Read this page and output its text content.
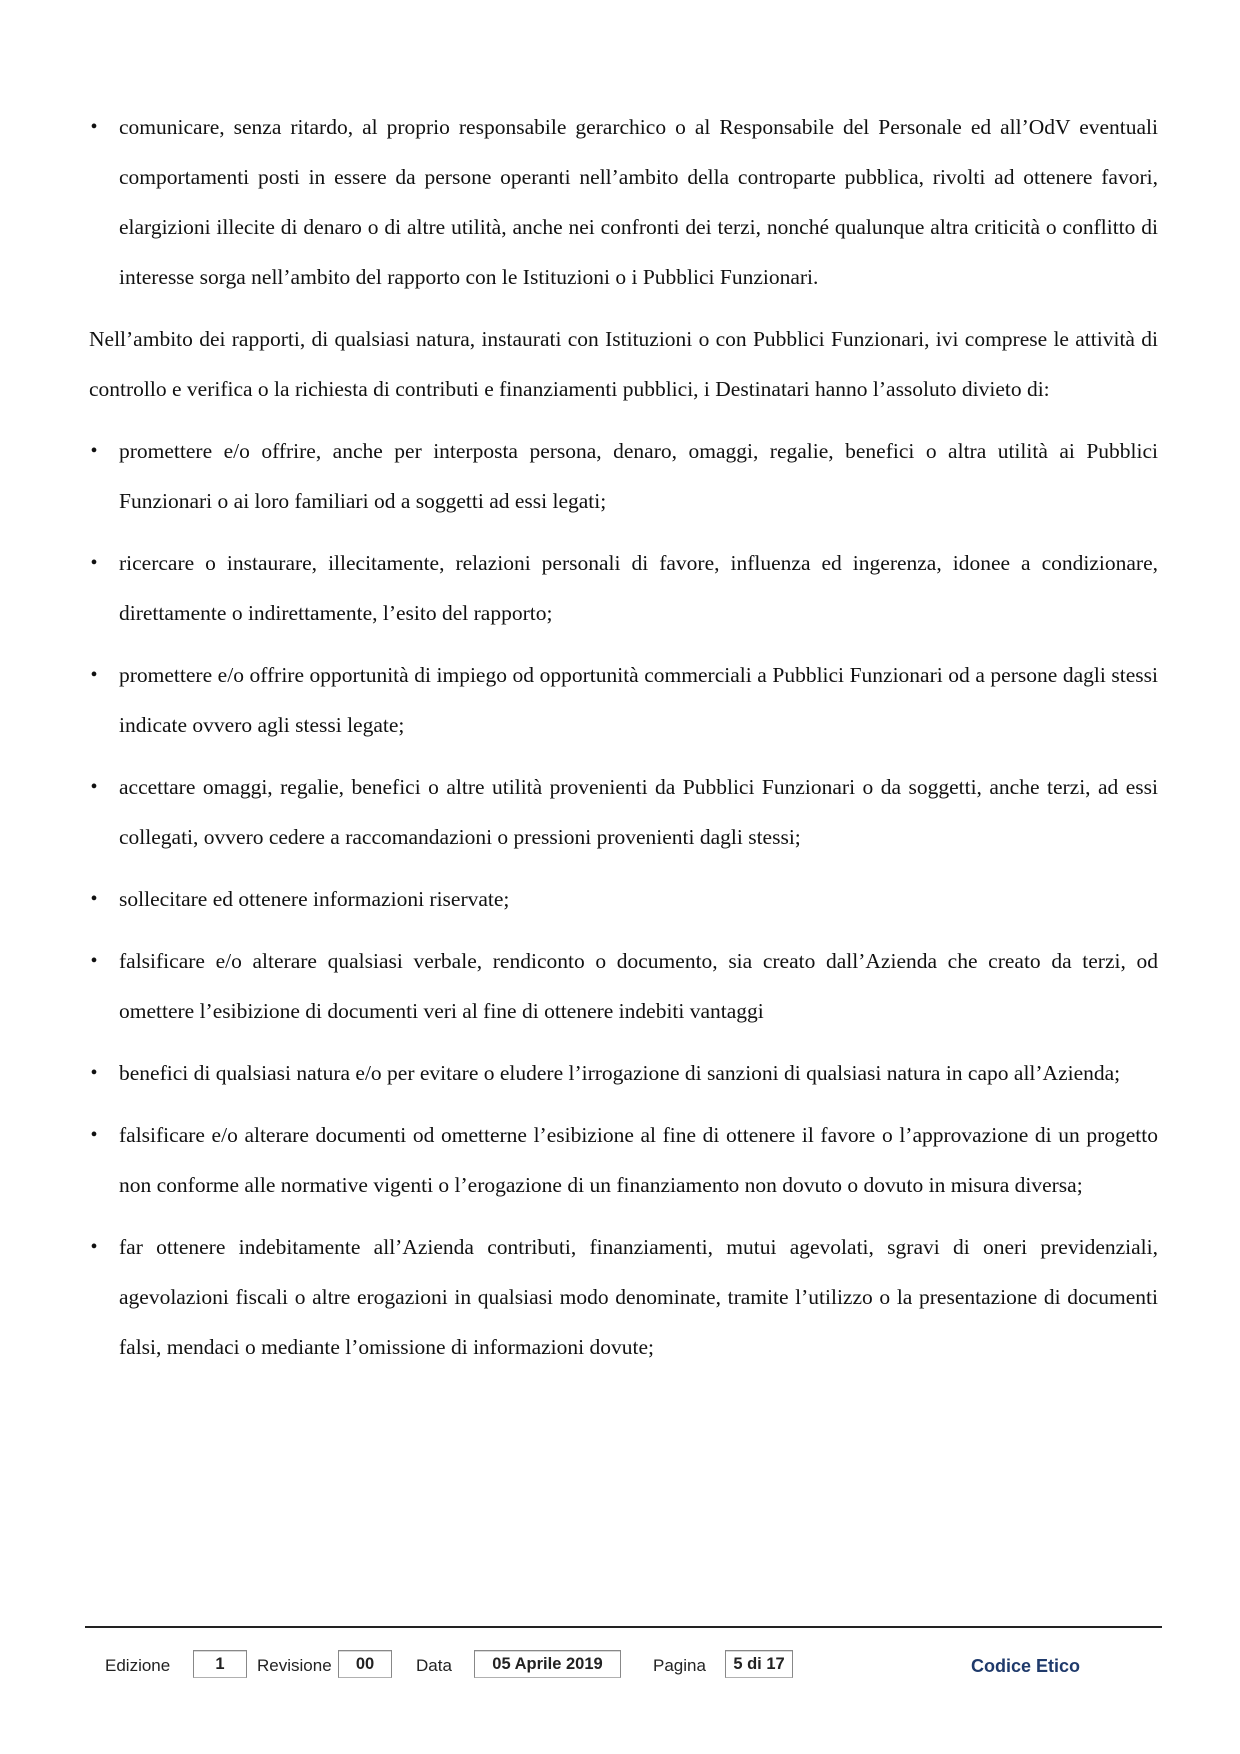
• comunicare, senza ritardo, al proprio responsabile gerarchico o al Responsabile del Personale ed all’OdV eventuali comportamenti posti in essere da persone operanti nell’ambito della controparte pubblica, rivolti ad ottenere favori, elargizioni illecite di denaro o di altre utilità, anche nei confronti dei terzi, nonché qualunque altra criticità o conflitto di interesse sorga nell’ambito del rapporto con le Istituzioni o i Pubblici Funzionari.

Nell’ambito dei rapporti, di qualsiasi natura, instaurati con Istituzioni o con Pubblici Funzionari, ivi comprese le attività di controllo e verifica o la richiesta di contributi e finanziamenti pubblici, i Destinatari hanno l’assoluto divieto di:

• promettere e/o offrire, anche per interposta persona, denaro, omaggi, regalie, benefici o altra utilità ai Pubblici Funzionari o ai loro familiari od a soggetti ad essi legati;

• ricercare o instaurare, illecitamente, relazioni personali di favore, influenza ed ingerenza, idonee a condizionare, direttamente o indirettamente, l’esito del rapporto;

• promettere e/o offrire opportunità di impiego od opportunità commerciali a Pubblici Funzionari od a persone dagli stessi indicate ovvero agli stessi legate;

• accettare omaggi, regalie, benefici o altre utilità provenienti da Pubblici Funzionari o da soggetti, anche terzi, ad essi collegati, ovvero cedere a raccomandazioni o pressioni provenienti dagli stessi;

• sollecitare ed ottenere informazioni riservate;

• falsificare e/o alterare qualsiasi verbale, rendiconto o documento, sia creato dall’Azienda che creato da terzi, od omettere l’esibizione di documenti veri al fine di ottenere indebiti vantaggi

• benefici di qualsiasi natura e/o per evitare o eludere l’irrogazione di sanzioni di qualsiasi natura in capo all’Azienda;

• falsificare e/o alterare documenti od ometterne l’esibizione al fine di ottenere il favore o l’approvazione di un progetto non conforme alle normative vigenti o l’erogazione di un finanziamento non dovuto o dovuto in misura diversa;

• far ottenere indebitamente all’Azienda contributi, finanziamenti, mutui agevolati, sgravi di oneri previdenziali, agevolazioni fiscali o altre erogazioni in qualsiasi modo denominate, tramite l’utilizzo o la presentazione di documenti falsi, mendaci o mediante l’omissione di informazioni dovute;

Edizione	1	Revisione	00	Data	05 Aprile 2019	Pagina	5 di 17	Codice Etico
